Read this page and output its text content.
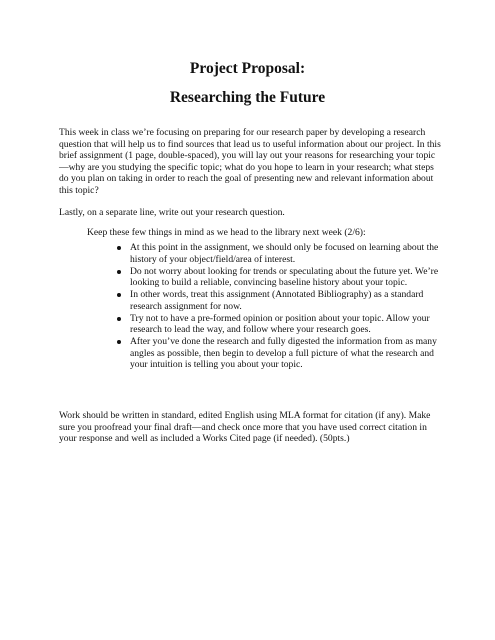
Project Proposal:
Researching the Future

This week in class we’re focusing on preparing for our research paper by developing a research question that will help us to find sources that lead us to useful information about our project. In this brief assignment (1 page, double-spaced), you will lay out your reasons for researching your topic—why are you studying the specific topic; what do you hope to learn in your research; what steps do you plan on taking in order to reach the goal of presenting new and relevant information about this topic?

Lastly, on a separate line, write out your research question.

Keep these few things in mind as we head to the library next week (2/6):

At this point in the assignment, we should only be focused on learning about the history of your object/field/area of interest.
Do not worry about looking for trends or speculating about the future yet. We’re looking to build a reliable, convincing baseline history about your topic.
In other words, treat this assignment (Annotated Bibliography) as a standard research assignment for now.
Try not to have a pre-formed opinion or position about your topic. Allow your research to lead the way, and follow where your research goes.
After you’ve done the research and fully digested the information from as many angles as possible, then begin to develop a full picture of what the research and your intuition is telling you about your topic.

Work should be written in standard, edited English using MLA format for citation (if any). Make sure you proofread your final draft—and check once more that you have used correct citation in your response and well as included a Works Cited page (if needed). (50pts.)
